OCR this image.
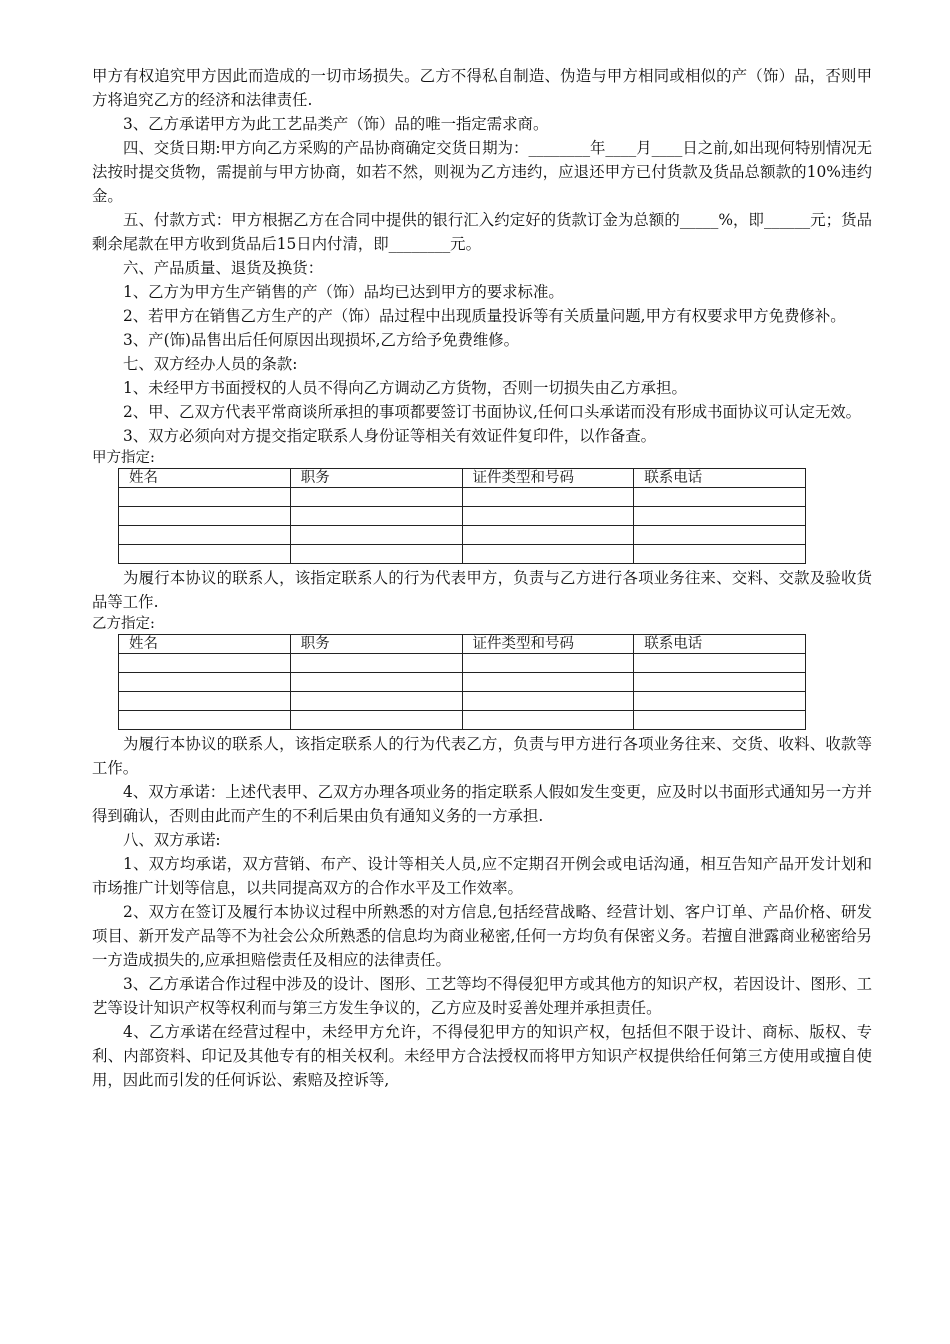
甲方有权追究甲方因此而造成的一切市场损失。乙方不得私自制造、伪造与甲方相同或相似的产（饰）品，否则甲方将追究乙方的经济和法律责任.

3、乙方承诺甲方为此工艺品类产（饰）品的唯一指定需求商。

四、交货日期:甲方向乙方采购的产品协商确定交货日期为：________年____月____日之前,如出现何特别情况无法按时提交货物，需提前与甲方协商，如若不然，则视为乙方违约，应退还甲方已付货款及货品总额款的10%违约金。

五、付款方式：甲方根据乙方在合同中提供的银行汇入约定好的货款订金为总额的_____%，即______元；货品剩余尾款在甲方收到货品后15日内付清，即________元。

六、产品质量、退货及换货：

1、乙方为甲方生产销售的产（饰）品均已达到甲方的要求标准。

2、若甲方在销售乙方生产的产（饰）品过程中出现质量投诉等有关质量问题,甲方有权要求甲方免费修补。

3、产(饰)品售出后任何原因出现损坏,乙方给予免费维修。

七、双方经办人员的条款:

1、未经甲方书面授权的人员不得向乙方调动乙方货物，否则一切损失由乙方承担。

2、甲、乙双方代表平常商谈所承担的事项都要签订书面协议,任何口头承诺而没有形成书面协议可认定无效。

3、双方必须向对方提交指定联系人身份证等相关有效证件复印件，以作备查。

甲方指定:

姓名	职务	证件类型和号码	联系电话

为履行本协议的联系人，该指定联系人的行为代表甲方，负责与乙方进行各项业务往来、交料、交款及验收货品等工作.

乙方指定:

姓名	职务	证件类型和号码	联系电话

为履行本协议的联系人，该指定联系人的行为代表乙方，负责与甲方进行各项业务往来、交货、收料、收款等工作。

4、双方承诺：上述代表甲、乙双方办理各项业务的指定联系人假如发生变更，应及时以书面形式通知另一方并得到确认，否则由此而产生的不利后果由负有通知义务的一方承担.

八、双方承诺:

1、双方均承诺，双方营销、布产、设计等相关人员,应不定期召开例会或电话沟通，相互告知产品开发计划和市场推广计划等信息，以共同提高双方的合作水平及工作效率。

2、双方在签订及履行本协议过程中所熟悉的对方信息,包括经营战略、经营计划、客户订单、产品价格、研发项目、新开发产品等不为社会公众所熟悉的信息均为商业秘密,任何一方均负有保密义务。若擅自泄露商业秘密给另一方造成损失的,应承担赔偿责任及相应的法律责任。

3、乙方承诺合作过程中涉及的设计、图形、工艺等均不得侵犯甲方或其他方的知识产权，若因设计、图形、工艺等设计知识产权等权利而与第三方发生争议的，乙方应及时妥善处理并承担责任。

4、乙方承诺在经营过程中，未经甲方允许，不得侵犯甲方的知识产权，包括但不限于设计、商标、版权、专利、内部资料、印记及其他专有的相关权利。未经甲方合法授权而将甲方知识产权提供给任何第三方使用或擅自使用，因此而引发的任何诉讼、索赔及控诉等,
